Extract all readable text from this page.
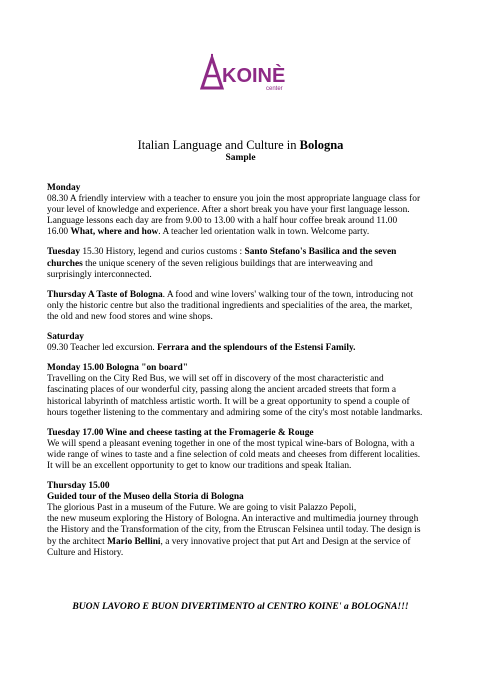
KOINÈ
center
Italian Language and Culture in Bologna
Sample
Monday
08.30 A friendly interview with a teacher to ensure you join the most appropriate language class for
your level of knowledge and experience. After a short break you have your first language lesson.
Language lessons each day are from 9.00 to 13.00 with a half hour coffee break around 11.00
16.00 What, where and how. A teacher led orientation walk in town. Welcome party.
Tuesday 15.30 History, legend and curios customs : Santo Stefano's Basilica and the seven
churches the unique scenery of the seven religious buildings that are interweaving and
surprisingly interconnected.
Thursday A Taste of Bologna. A food and wine lovers' walking tour of the town, introducing not
only the historic centre but also the traditional ingredients and specialities of the area, the market,
the old and new food stores and wine shops.
Saturday
09.30 Teacher led excursion. Ferrara and the splendours of the Estensi Family.
Monday 15.00 Bologna "on board"
Travelling on the City Red Bus, we will set off in discovery of the most characteristic and
fascinating places of our wonderful city, passing along the ancient arcaded streets that form a
historical labyrinth of matchless artistic worth. It will be a great opportunity to spend a couple of
hours together listening to the commentary and admiring some of the city's most notable landmarks.
Tuesday 17.00 Wine and cheese tasting at the Fromagerie & Rouge
We will spend a pleasant evening together in one of the most typical wine-bars of Bologna, with a
wide range of wines to taste and a fine selection of cold meats and cheeses from different localities.
It will be an excellent opportunity to get to know our traditions and speak Italian.
Thursday 15.00
Guided tour of the Museo della Storia di Bologna
The glorious Past in a museum of the Future. We are going to visit Palazzo Pepoli,
the new museum exploring the History of Bologna. An interactive and multimedia journey through
the History and the Transformation of the city, from the Etruscan Felsinea until today. The design is
by the architect Mario Bellini, a very innovative project that put Art and Design at the service of
Culture and History.
BUON LAVORO E BUON DIVERTIMENTO al CENTRO KOINE' a BOLOGNA!!!
